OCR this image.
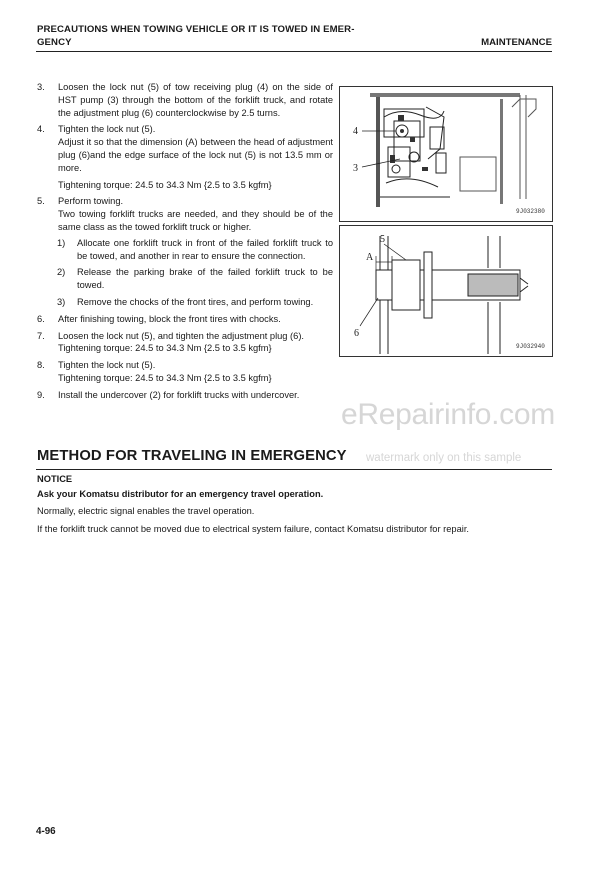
PRECAUTIONS WHEN TOWING VEHICLE OR IT IS TOWED IN EMER-
GENCY	MAINTENANCE
3. Loosen the lock nut (5) of tow receiving plug (4) on the side of HST pump (3) through the bottom of the forklift truck, and rotate the adjustment plug (6) counterclockwise by 2.5 turns.
4. Tighten the lock nut (5).
Adjust it so that the dimension (A) between the head of adjustment plug (6)and the edge surface of the lock nut (5) is not 13.5 mm or more.
Tightening torque: 24.5 to 34.3 Nm {2.5 to 3.5 kgfm}
5. Perform towing.
Two towing forklift trucks are needed, and they should be of the same class as the towed forklift truck or higher.
1) Allocate one forklift truck in front of the failed forklift truck to be towed, and another in rear to ensure the connection.
2) Release the parking brake of the failed forklift truck to be towed.
3) Remove the chocks of the front tires, and perform towing.
6. After finishing towing, block the front tires with chocks.
7. Loosen the lock nut (5), and tighten the adjustment plug (6).
Tightening torque: 24.5 to 34.3 Nm {2.5 to 3.5 kgfm}
8. Tighten the lock nut (5).
Tightening torque: 24.5 to 34.3 Nm {2.5 to 3.5 kgfm}
9. Install the undercover (2) for forklift trucks with undercover.
4
3
9J032380
5
A
6
9J032940
eRepairinfo.com
watermark only on this sample
METHOD FOR TRAVELING IN EMERGENCY
NOTICE
Ask your Komatsu distributor for an emergency travel operation.
Normally, electric signal enables the travel operation.
If the forklift truck cannot be moved due to electrical system failure, contact Komatsu distributor for repair.
4-96
